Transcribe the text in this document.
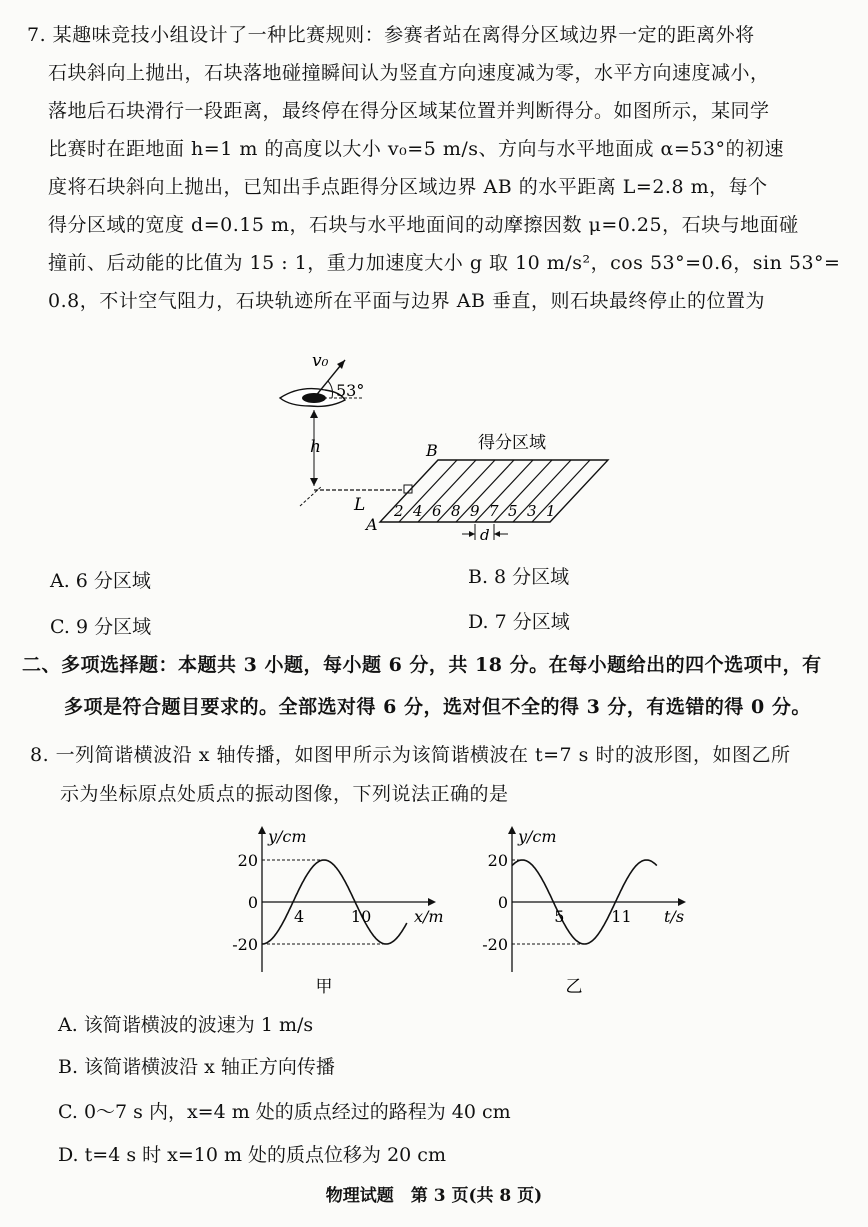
7. 某趣味竞技小组设计了一种比赛规则：参赛者站在离得分区域边界一定的距离外将
石块斜向上抛出，石块落地碰撞瞬间认为竖直方向速度减为零，水平方向速度减小，
落地后石块滑行一段距离，最终停在得分区域某位置并判断得分。如图所示，某同学
比赛时在距地面 h=1 m 的高度以大小 v₀=5 m/s、方向与水平地面成 α=53°的初速
度将石块斜向上抛出，已知出手点距得分区域边界 AB 的水平距离 L=2.8 m，每个
得分区域的宽度 d=0.15 m，石块与水平地面间的动摩擦因数 μ=0.25，石块与地面碰
撞前、后动能的比值为 15 : 1，重力加速度大小 g 取 10 m/s²，cos 53°=0.6，sin 53°=
0.8，不计空气阻力，石块轨迹所在平面与边界 AB 垂直，则石块最终停止的位置为
v₀
53°
h
L 2 4 6 8 9 7 5 3 1
得分区域
B
A
d
A. 6 分区域	B. 8 分区域
C. 9 分区域	D. 7 分区域
二、多项选择题：本题共 3 小题，每小题 6 分，共 18 分。在每小题给出的四个选项中，有
多项是符合题目要求的。全部选对得 6 分，选对但不全的得 3 分，有选错的得 0 分。
8. 一列简谐横波沿 x 轴传播，如图甲所示为该简谐横波在 t=7 s 时的波形图，如图乙所
示为坐标原点处质点的振动图像，下列说法正确的是
20
0
-20
4	10
y/cm
x/m
甲
20
0
-20
5	11
y/cm
t/s
乙
A. 该简谐横波的波速为 1 m/s
B. 该简谐横波沿 x 轴正方向传播
C. 0～7 s 内，x=4 m 处的质点经过的路程为 40 cm
D. t=4 s 时 x=10 m 处的质点位移为 20 cm
物理试题　第 3 页(共 8 页)
